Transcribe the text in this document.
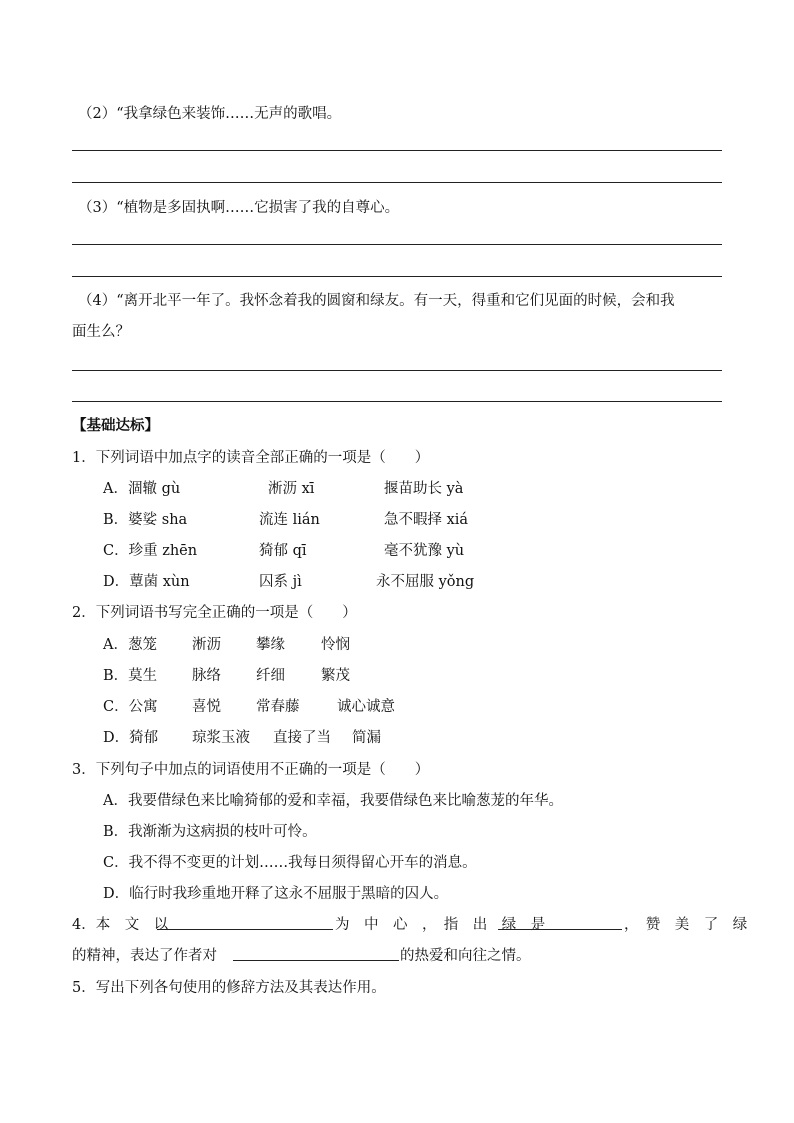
（2）“我拿绿色来装饰……无声的歌唱。
（3）“植物是多固执啊……它损害了我的自尊心。
（4）“离开北平一年了。我怀念着我的圆窗和绿友。有一天，得重和它们见面的时候，会和我
面生么？
【基础达标】
1．下列词语中加点字的读音全部正确的一项是（　　）
A．涸辙 gù	淅沥 xī	揠苗助长 yà
B．婆娑 sha	流连 lián	急不暇择 xiá
C．珍重 zhēn	猗郁 qī	毫不犹豫 yù
D．蕈菌 xùn	囚系 jì	永不屈服 yǒng
2．下列词语书写完全正确的一项是（　　）
A．葱笼 淅沥 攀缘 怜悯
B．莫生 脉络 纤细 繁茂
C．公寓 喜悦 常春藤	诚心诚意
D．猗郁 琼浆玉液 直接了当 简漏
3．下列句子中加点的词语使用不正确的一项是（　　）
A．我要借绿色来比喻猗郁的爱和幸福，我要借绿色来比喻葱茏的年华。
B．我渐渐为这病损的枝叶可怜。
C．我不得不变更的计划……我每日须得留心开车的消息。
D．临行时我珍重地开释了这永不屈服于黑暗的囚人。
4．本　文　以	为　中　心　，　指　出　绿　是	，　赞　美　了　绿
的精神，表达了作者对	的热爱和向往之情。
5．写出下列各句使用的修辞方法及其表达作用。
